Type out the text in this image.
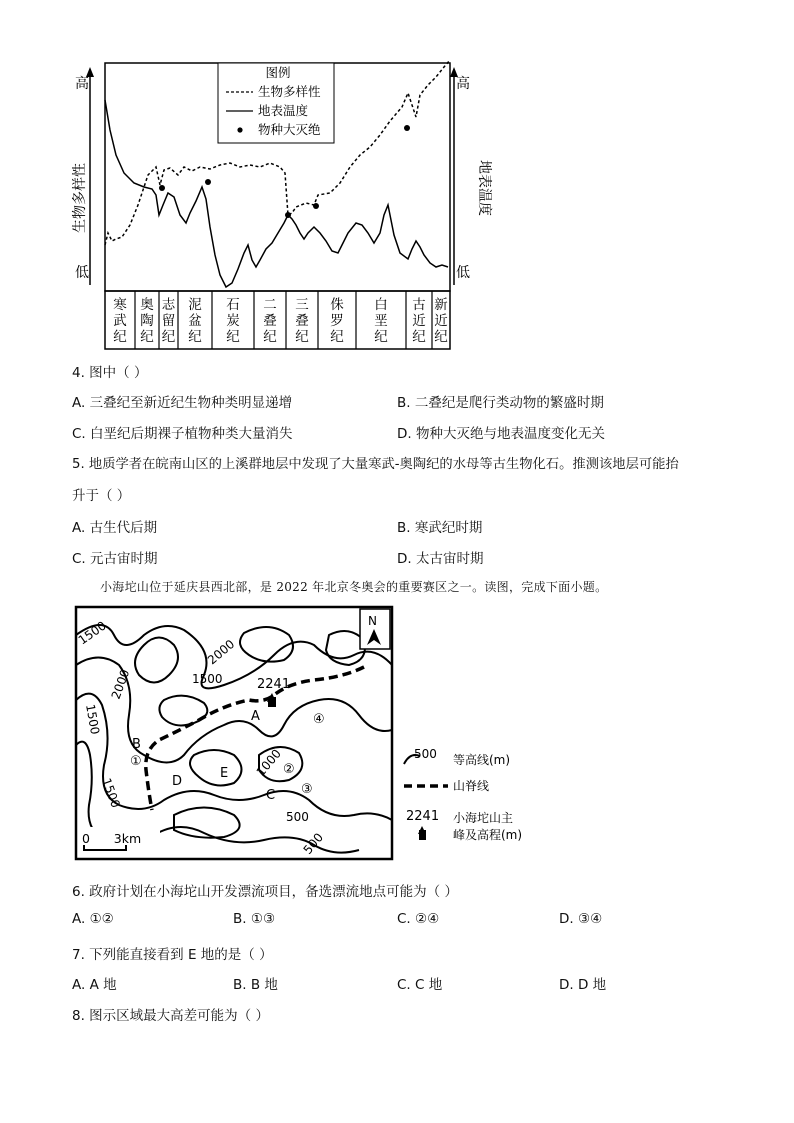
高
低
生物多样性
高
低
地表温度
寒武纪
奥陶纪
志留纪
泥盆纪
石炭纪
二叠纪
三叠纪
侏罗纪
白垩纪
古近纪
新近纪
图例
生物多样性
地表温度
物种大灭绝
4. 图中（ ）
A. 三叠纪至新近纪生物种类明显递增	B. 二叠纪是爬行类动物的繁盛时期
C. 白垩纪后期裸子植物种类大量消失	D. 物种大灭绝与地表温度变化无关
5. 地质学者在皖南山区的上溪群地层中发现了大量寒武-奥陶纪的水母等古生物化石。推测该地层可能抬
升于（ ）
A. 古生代后期	B. 寒武纪时期
C. 元古宙时期	D. 太古宙时期
小海坨山位于延庆县西北部，是 2022 年北京冬奥会的重要赛区之一。读图，完成下面小题。
2241
1500
2000
1500
2000
1500
1500
1000
500
500
A
B
C
D
E
①
②
③
④
N
0      3km
500 等高线(m)
山脊线
2241 小海坨山主
峰及高程(m)
6. 政府计划在小海坨山开发漂流项目，备选漂流地点可能为（ ）
A. ①②	B. ①③	C. ②④	D. ③④
7. 下列能直接看到 E 地的是（ ）
A. A 地	B. B 地	C. C 地	D. D 地
8. 图示区域最大高差可能为（ ）
